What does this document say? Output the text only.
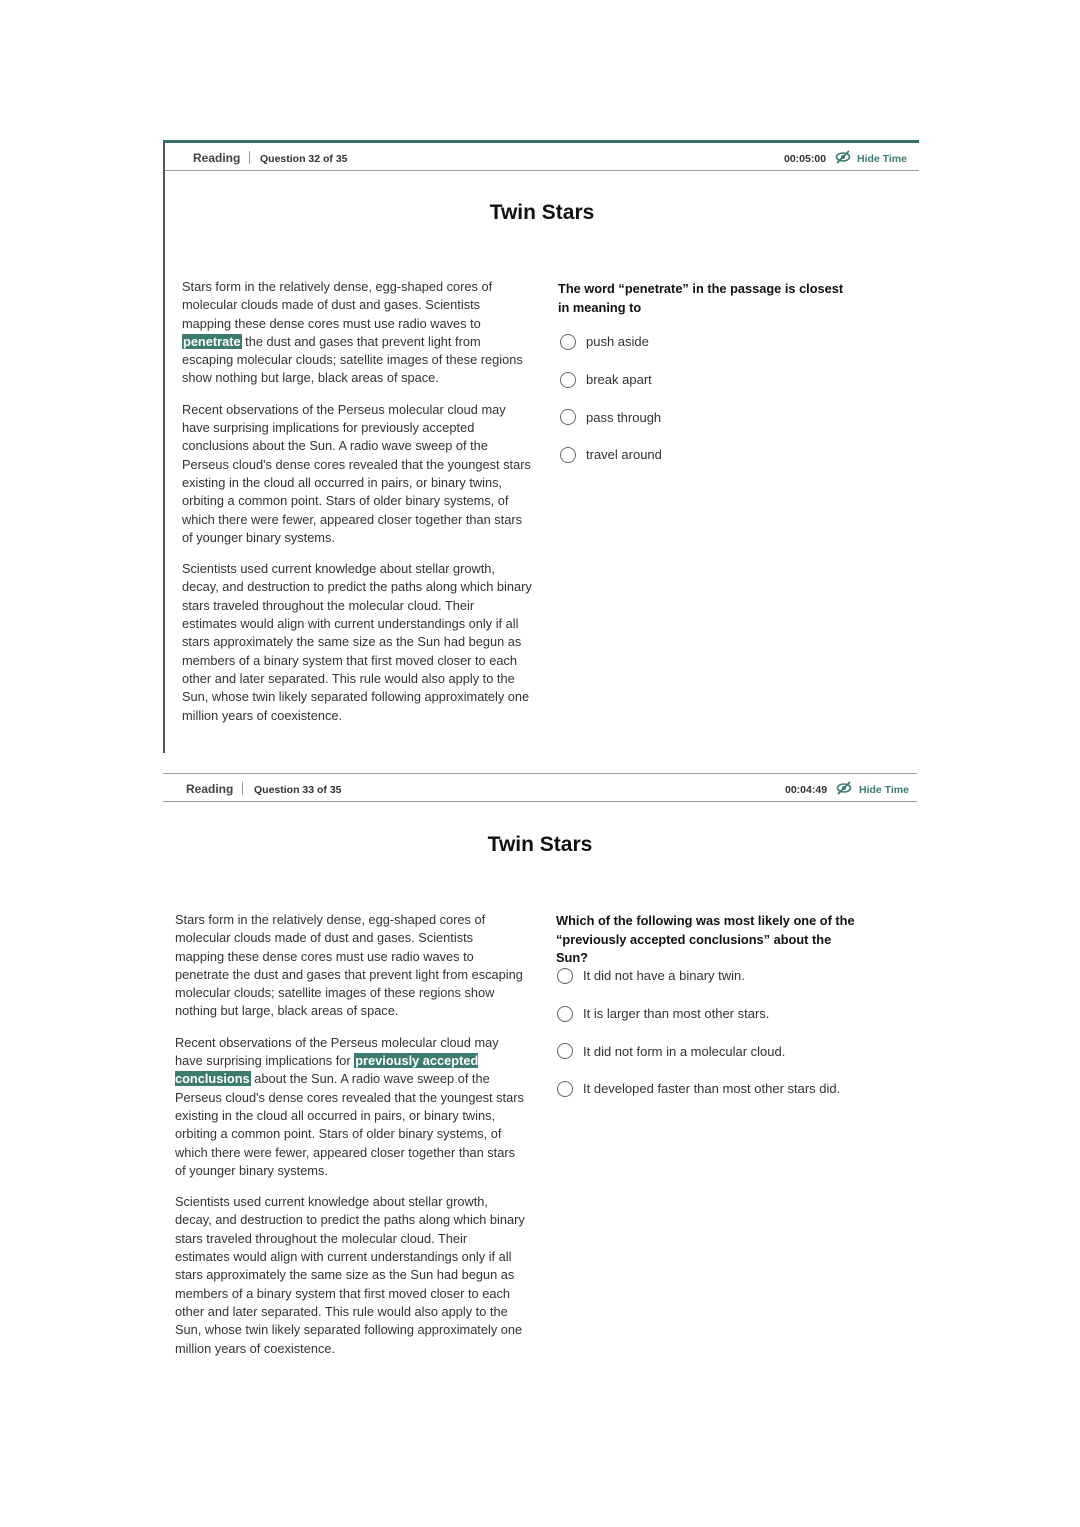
Reading Question 32 of 35	00:05:00	Hide Time
Twin Stars

Stars form in the relatively dense, egg-shaped cores of molecular clouds made of dust and gases. Scientists mapping these dense cores must use radio waves to penetrate the dust and gases that prevent light from escaping molecular clouds; satellite images of these regions show nothing but large, black areas of space.

Recent observations of the Perseus molecular cloud may have surprising implications for previously accepted conclusions about the Sun. A radio wave sweep of the Perseus cloud's dense cores revealed that the youngest stars existing in the cloud all occurred in pairs, or binary twins, orbiting a common point. Stars of older binary systems, of which there were fewer, appeared closer together than stars of younger binary systems.

Scientists used current knowledge about stellar growth, decay, and destruction to predict the paths along which binary stars traveled throughout the molecular cloud. Their estimates would align with current understandings only if all stars approximately the same size as the Sun had begun as members of a binary system that first moved closer to each other and later separated. This rule would also apply to the Sun, whose twin likely separated following approximately one million years of coexistence.

The word “penetrate” in the passage is closest in meaning to
push aside
break apart
pass through
travel around
Reading Question 33 of 35	00:04:49	Hide Time
Twin Stars

Stars form in the relatively dense, egg-shaped cores of molecular clouds made of dust and gases. Scientists mapping these dense cores must use radio waves to penetrate the dust and gases that prevent light from escaping molecular clouds; satellite images of these regions show nothing but large, black areas of space.

Recent observations of the Perseus molecular cloud may have surprising implications for previously accepted conclusions about the Sun. A radio wave sweep of the Perseus cloud's dense cores revealed that the youngest stars existing in the cloud all occurred in pairs, or binary twins, orbiting a common point. Stars of older binary systems, of which there were fewer, appeared closer together than stars of younger binary systems.

Scientists used current knowledge about stellar growth, decay, and destruction to predict the paths along which binary stars traveled throughout the molecular cloud. Their estimates would align with current understandings only if all stars approximately the same size as the Sun had begun as members of a binary system that first moved closer to each other and later separated. This rule would also apply to the Sun, whose twin likely separated following approximately one million years of coexistence.

Which of the following was most likely one of the “previously accepted conclusions” about the Sun?
It did not have a binary twin.
It is larger than most other stars.
It did not form in a molecular cloud.
It developed faster than most other stars did.
